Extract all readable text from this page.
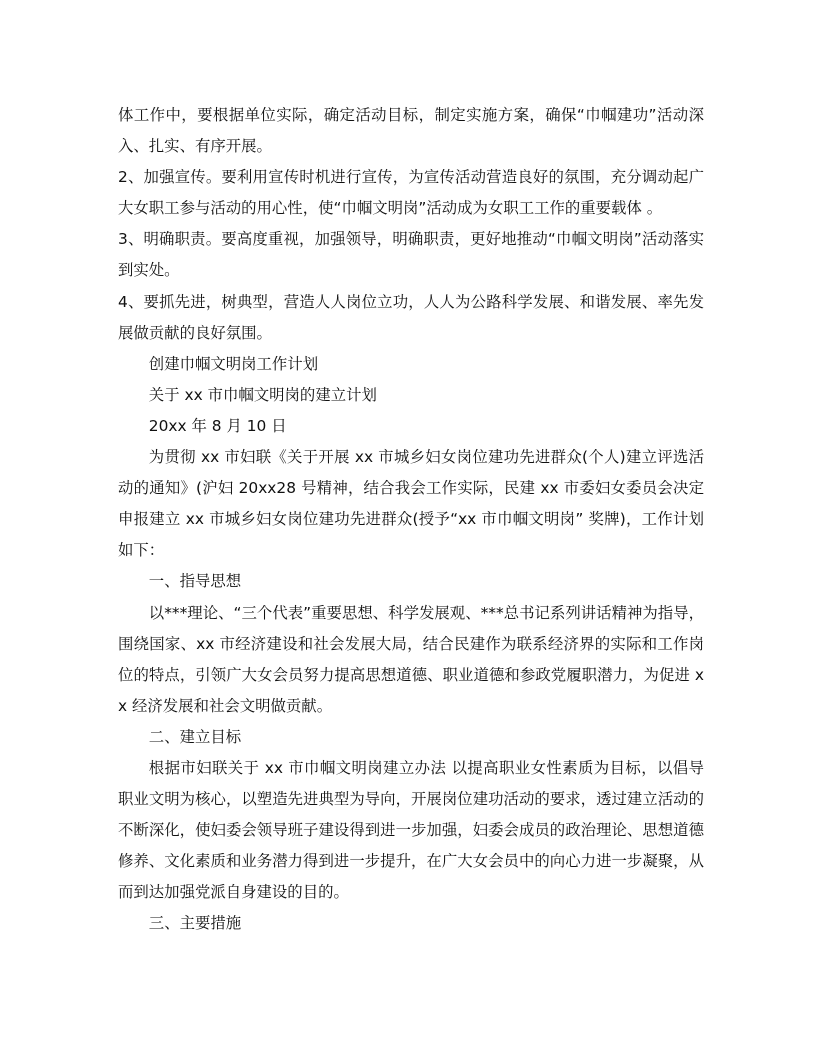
体工作中，要根据单位实际，确定活动目标，制定实施方案，确保“巾帼建功”活动深入、扎实、有序开展。

2、加强宣传。要利用宣传时机进行宣传，为宣传活动营造良好的氛围，充分调动起广大女职工参与活动的用心性，使“巾帼文明岗”活动成为女职工工作的重要载体 。

3、明确职责。要高度重视，加强领导，明确职责，更好地推动“巾帼文明岗”活动落实到实处。

4、要抓先进，树典型，营造人人岗位立功，人人为公路科学发展、和谐发展、率先发展做贡献的良好氛围。

创建巾帼文明岗工作计划

关于 xx 市巾帼文明岗的建立计划

20xx 年 8 月 10 日

为贯彻 xx 市妇联《关于开展 xx 市城乡妇女岗位建功先进群众(个人)建立评选活动的通知》(沪妇 20xx28 号精神，结合我会工作实际，民建 xx 市委妇女委员会决定申报建立 xx 市城乡妇女岗位建功先进群众(授予“xx 市巾帼文明岗” 奖牌)，工作计划如下：

一、指导思想

以***理论、“三个代表”重要思想、科学发展观、***总书记系列讲话精神为指导，围绕国家、xx 市经济建设和社会发展大局，结合民建作为联系经济界的实际和工作岗位的特点，引领广大女会员努力提高思想道德、职业道德和参政党履职潜力，为促进 xx 经济发展和社会文明做贡献。

二、建立目标

根据市妇联关于 xx 市巾帼文明岗建立办法 以提高职业女性素质为目标，以倡导职业文明为核心，以塑造先进典型为导向，开展岗位建功活动的要求，透过建立活动的不断深化，使妇委会领导班子建设得到进一步加强，妇委会成员的政治理论、思想道德修养、文化素质和业务潜力得到进一步提升，在广大女会员中的向心力进一步凝聚，从而到达加强党派自身建设的目的。

三、主要措施
